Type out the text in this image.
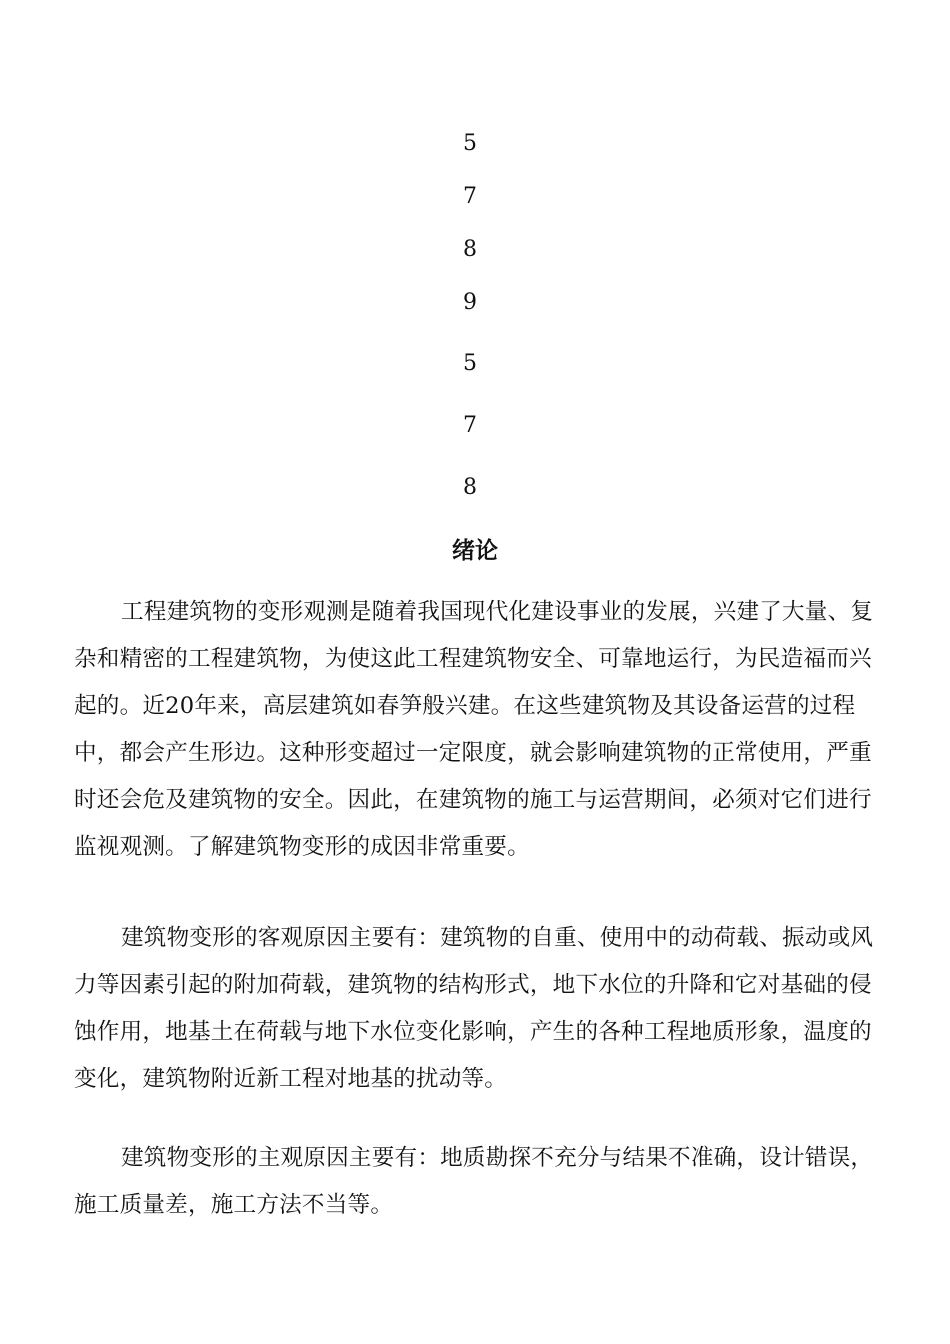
5
7
8
9
5
7
8
绪论

工程建筑物的变形观测是随着我国现代化建设事业的发展，兴建了大量、复杂和精密的工程建筑物，为使这此工程建筑物安全、可靠地运行，为民造福而兴起的。近20年来，高层建筑如春笋般兴建。在这些建筑物及其设备运营的过程中，都会产生形边。这种形变超过一定限度，就会影响建筑物的正常使用，严重时还会危及建筑物的安全。因此，在建筑物的施工与运营期间，必须对它们进行监视观测。了解建筑物变形的成因非常重要。

建筑物变形的客观原因主要有：建筑物的自重、使用中的动荷载、振动或风力等因素引起的附加荷载，建筑物的结构形式，地下水位的升降和它对基础的侵蚀作用，地基土在荷载与地下水位变化影响，产生的各种工程地质形象，温度的变化，建筑物附近新工程对地基的扰动等。

建筑物变形的主观原因主要有：地质勘探不充分与结果不准确，设计错误，施工质量差，施工方法不当等。
